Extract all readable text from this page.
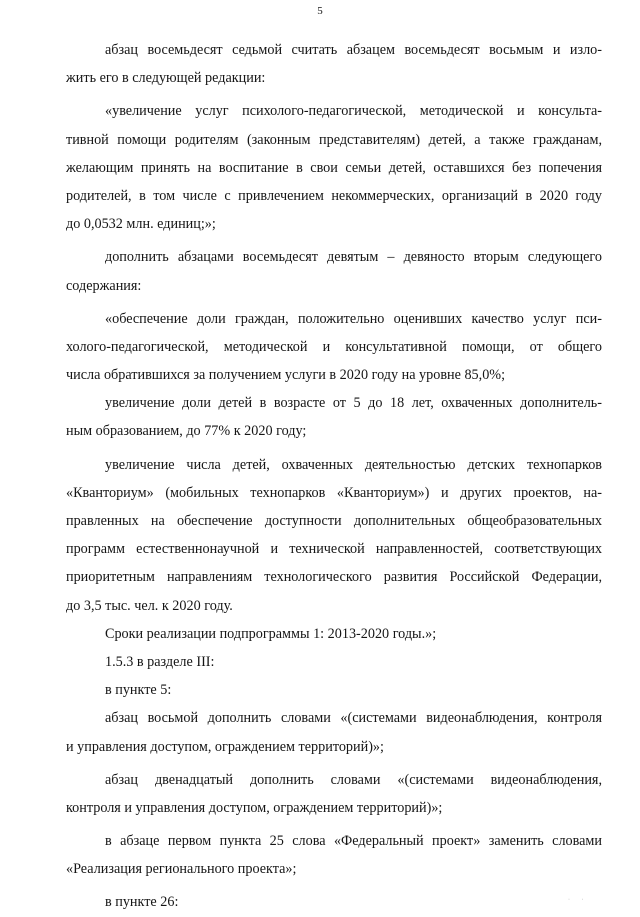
5
абзац восемьдесят седьмой считать абзацем восемьдесят восьмым и изло-
жить его в следующей редакции:
«увеличение услуг психолого-педагогической, методической и консульта-
тивной помощи родителям (законным представителям) детей, а также гражданам,
желающим принять на воспитание в свои семьи детей, оставшихся без попечения
родителей, в том числе с привлечением некоммерческих, организаций в 2020 году
до 0,0532 млн. единиц;»;
дополнить абзацами восемьдесят девятым – девяносто вторым следующего
содержания:
«обеспечение доли граждан, положительно оценивших качество услуг пси-
холого-педагогической, методической и консультативной помощи, от общего
числа обратившихся за получением услуги в 2020 году на уровне 85,0%;
увеличение доли детей в возрасте от 5 до 18 лет, охваченных дополнитель-
ным образованием, до 77% к 2020 году;
увеличение числа детей, охваченных деятельностью детских технопарков
«Кванториум» (мобильных технопарков «Кванториум») и других проектов, на-
правленных на обеспечение доступности дополнительных общеобразовательных
программ естественнонаучной и технической направленностей, соответствующих
приоритетным направлениям технологического развития Российской Федерации,
до 3,5 тыс. чел. к 2020 году.
Сроки реализации подпрограммы 1: 2013-2020 годы.»;
1.5.3 в разделе III:
в пункте 5:
абзац восьмой дополнить словами «(системами видеонаблюдения, контроля
и управления доступом, ограждением территорий)»;
абзац двенадцатый дополнить словами «(системами видеонаблюдения,
контроля и управления доступом, ограждением территорий)»;
в абзаце первом пункта 25 слова «Федеральный проект» заменить словами
«Реализация регионального проекта»;
в пункте 26:	· ·
